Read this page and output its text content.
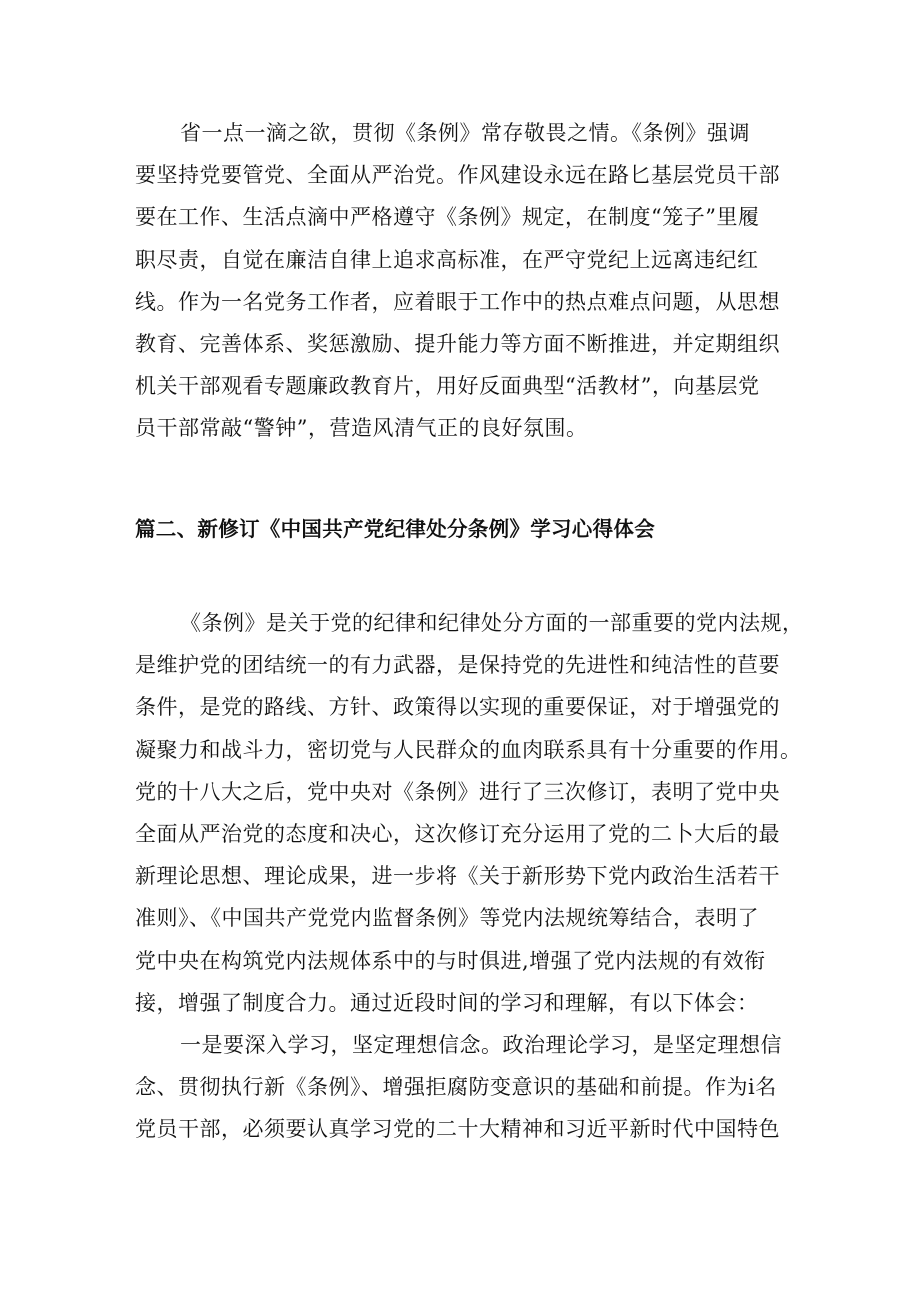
省一点一滴之欲，贯彻《条例》常存敬畏之情。《条例》强调
要坚持党要管党、全面从严治党。作风建设永远在路匕基层党员干部
要在工作、生活点滴中严格遵守《条例》规定，在制度“笼子”里履
职尽责，自觉在廉洁自律上追求高标准，在严守党纪上远离违纪红
线。作为一名党务工作者，应着眼于工作中的热点难点问题，从思想
教育、完善体系、奖惩激励、提升能力等方面不断推进，并定期组织
机关干部观看专题廉政教育片，用好反面典型“活教材”，向基层党
员干部常敲“警钟”，营造风清气正的良好氛围。
篇二、新修订《中国共产党纪律处分条例》学习心得体会
《条例》是关于党的纪律和纪律处分方面的一部重要的党内法规，
是维护党的团结统一的有力武器，是保持党的先进性和纯洁性的苣要
条件，是党的路线、方针、政策得以实现的重要保证，对于增强党的
凝聚力和战斗力，密切党与人民群众的血肉联系具有十分重要的作用。
党的十八大之后，党中央对《条例》进行了三次修订，表明了党中央
全面从严治党的态度和决心，这次修订充分运用了党的二卜大后的最
新理论思想、理论成果，进一步将《关于新形势下党内政治生活若干
准则》、《中国共产党党内监督条例》等党内法规统筹结合，表明了
党中央在构筑党内法规体系中的与时俱进,增强了党内法规的有效衔
接，增强了制度合力。通过近段时间的学习和理解，有以下体会：
一是要深入学习，坚定理想信念。政治理论学习，是坚定理想信
念、贯彻执行新《条例》、增强拒腐防变意识的基础和前提。作为i名
党员干部，必须要认真学习党的二十大精神和习近平新时代中国特色
